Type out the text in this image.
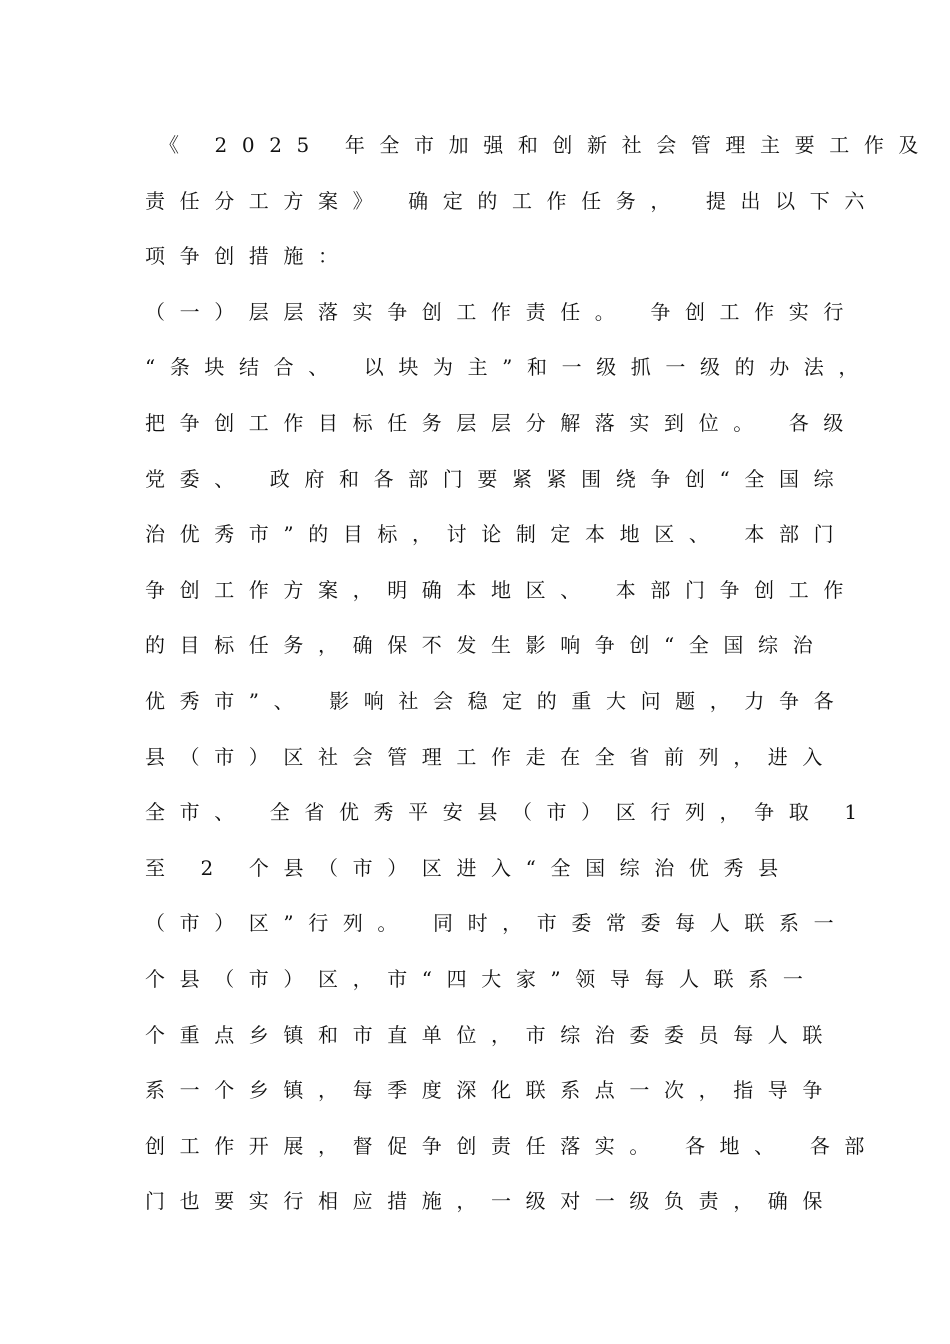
《 2025 年全市加强和创新社会管理主要工作及
责任分工方案》 确定的工作任务， 提出以下六
项争创措施：
（一）层层落实争创工作责任。 争创工作实行
“条块结合、 以块为主”和一级抓一级的办法，
把争创工作目标任务层层分解落实到位。 各级
党委、 政府和各部门要紧紧围绕争创“全国综
治优秀市”的目标，讨论制定本地区、 本部门
争创工作方案，明确本地区、 本部门争创工作
的目标任务，确保不发生影响争创“全国综治
优秀市”、 影响社会稳定的重大问题，力争各
县（市）区社会管理工作走在全省前列，进入
全市、 全省优秀平安县（市）区行列，争取 1
至 2 个县（市）区进入“全国综治优秀县
（市）区”行列。 同时，市委常委每人联系一
个县（市）区，市“四大家”领导每人联系一
个重点乡镇和市直单位，市综治委委员每人联
系一个乡镇，每季度深化联系点一次，指导争
创工作开展，督促争创责任落实。 各地、 各部
门也要实行相应措施，一级对一级负责，确保
